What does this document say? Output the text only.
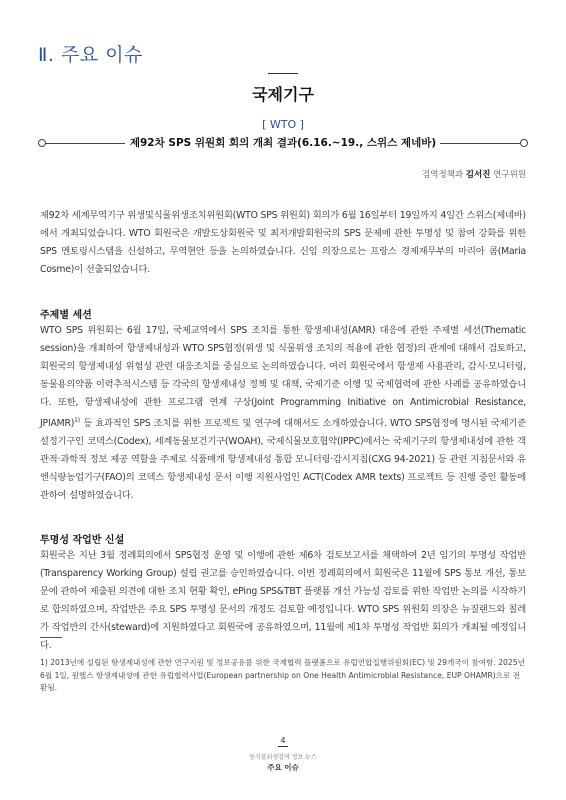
Ⅱ. 주요 이슈
국제기구
[ WTO ]
제92차 SPS 위원회 회의 개최 결과(6.16.~19., 스위스 제네바)
검역정책과 김서진 연구위원
제92차 세계무역기구 위생및식물위생조치위원회(WTO SPS 위원회) 회의가 6월 16일부터 19일까지 4일간 스위스(제네바)에서 개최되었습니다. WTO 회원국은 개발도상회원국 및 최저개발회원국의 SPS 문제에 관한 투명성 및 참여 강화를 위한 SPS 멘토링시스템을 신설하고, 무역현안 등을 논의하였습니다. 신임 의장으로는 프랑스 경제재무부의 마리아 콤(Maria Cosme)이 선출되었습니다.
주제별 세션
WTO SPS 위원회는 6월 17일, 국제교역에서 SPS 조치를 통한 항생제내성(AMR) 대응에 관한 주제별 세션(Thematic session)을 개최하여 항생제내성과 WTO SPS협정(위생 및 식물위생 조치의 적용에 관한 협정)의 관계에 대해서 검토하고, 회원국의 항생제내성 위험성 관련 대응조치를 중심으로 논의하였습니다. 여러 회원국에서 항생제 사용관리, 감시·모니터링, 동물용의약품 이력추적시스템 등 각국의 항생제내성 정책 및 대책, 국제기준 이행 및 국제협력에 관한 사례를 공유하였습니다. 또한, 항생제내성에 관한 프로그램 연계 구상(Joint Programming Initiative on Antimicrobial Resistance, JPIAMR)$^{1)}$ 등 효과적인 SPS 조치를 위한 프로젝트 및 연구에 대해서도 소개하였습니다. WTO SPS협정에 명시된 국제기준설정기구인 코덱스(Codex), 세계동물보건기구(WOAH), 국제식물보호협약(IPPC)에서는 국제기구의 항생제내성에 관한 객관적·과학적 정보 제공 역할을 주제로 식품매개 항생제내성 통합 모니터링·감시지침(CXG 94-2021) 등 관련 지침문서와 유엔식량농업기구(FAO)의 코덱스 항생제내성 문서 이행 지원사업인 ACT(Codex AMR texts) 프로젝트 등 진행 중인 활동에 관하여 설명하였습니다.
투명성 작업반 신설
회원국은 지난 3월 정례회의에서 SPS협정 운영 및 이행에 관한 제6차 검토보고서를 채택하여 2년 임기의 투명성 작업반(Transparency Working Group) 설립 권고를 승인하였습니다. 이번 정례회의에서 회원국은 11월에 SPS 통보 개선, 통보문에 관하여 제출된 의견에 대한 조치 현황 확인, ePing SPS&TBT 플랫폼 개선 가능성 검토를 위한 작업반 논의를 시작하기로 합의하였으며, 작업반은 주요 SPS 투명성 문서의 개정도 검토할 예정입니다. WTO SPS 위원회 의장은 뉴질랜드와 칠레가 작업반의 간사(steward)에 지원하였다고 회원국에 공유하였으며, 11월에 제1차 투명성 작업반 회의가 개최될 예정입니다.
1) 2013년에 설립된 항생제내성에 관한 연구지원 및 정보공유를 위한 국제협력 플랫폼으로 유럽연합집행위원회(EC) 및 29개국이 참여함. 2025년 6월 1일, 원헬스 항생제내성에 관한 유럽협력사업(European partnership on One Health Antimicrobial Resistance, EUP OHAMR)으로 전환됨.
4
동식물위생검역 정보 뉴스
주요 이슈
